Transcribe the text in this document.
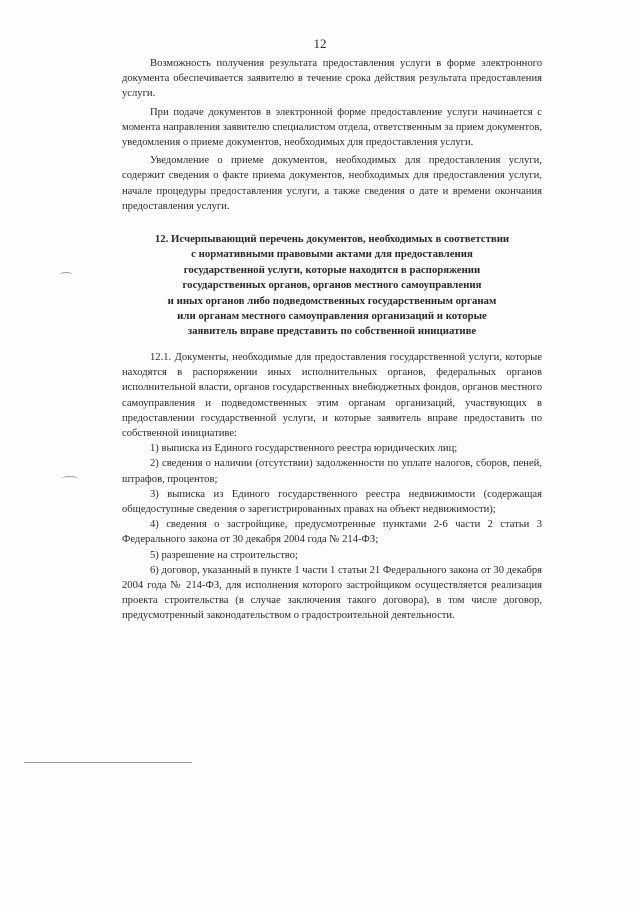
12

Возможность получения результата предоставления услуги в форме электронного документа обеспечивается заявителю в течение срока действия результата предоставления услуги.

При подаче документов в электронной форме предоставление услуги начинается с момента направления заявителю специалистом отдела, ответственным за прием документов, уведомления о приеме документов, необходимых для предоставления услуги.

Уведомление о приеме документов, необходимых для предоставления услуги, содержит сведения о факте приема документов, необходимых для предоставления услуги, начале процедуры предоставления услуги, а также сведения о дате и времени окончания предоставления услуги.

12. Исчерпывающий перечень документов, необходимых в соответствии
с нормативными правовыми актами для предоставления
государственной услуги, которые находятся в распоряжении
государственных органов, органов местного самоуправления
и иных органов либо подведомственных государственным органам
или органам местного самоуправления организаций и которые
заявитель вправе представить по собственной инициативе

12.1. Документы, необходимые для предоставления государственной услуги, которые находятся в распоряжении иных исполнительных органов, федеральных органов исполнительной власти, органов государственных внебюджетных фондов, органов местного самоуправления и подведомственных этим органам организаций, участвующих в предоставлении государственной услуги, и которые заявитель вправе предоставить по собственной инициативе:

1) выписка из Единого государственного реестра юридических лиц;

2) сведения о наличии (отсутствии) задолженности по уплате налогов, сборов, пеней, штрафов, процентов;

3) выписка из Единого государственного реестра недвижимости (содержащая общедоступные сведения о зарегистрированных правах на объект недвижимости);

4) сведения о застройщике, предусмотренные пунктами 2-6 части 2 статьи 3 Федерального закона от 30 декабря 2004 года № 214-ФЗ;

5) разрешение на строительство;

6) договор, указанный в пункте 1 части 1 статьи 21 Федерального закона от 30 декабря 2004 года № 214-ФЗ, для исполнения которого застройщиком осуществляется реализация проекта строительства (в случае заключения такого договора), в том числе договор, предусмотренный законодательством о градостроительной деятельности.
